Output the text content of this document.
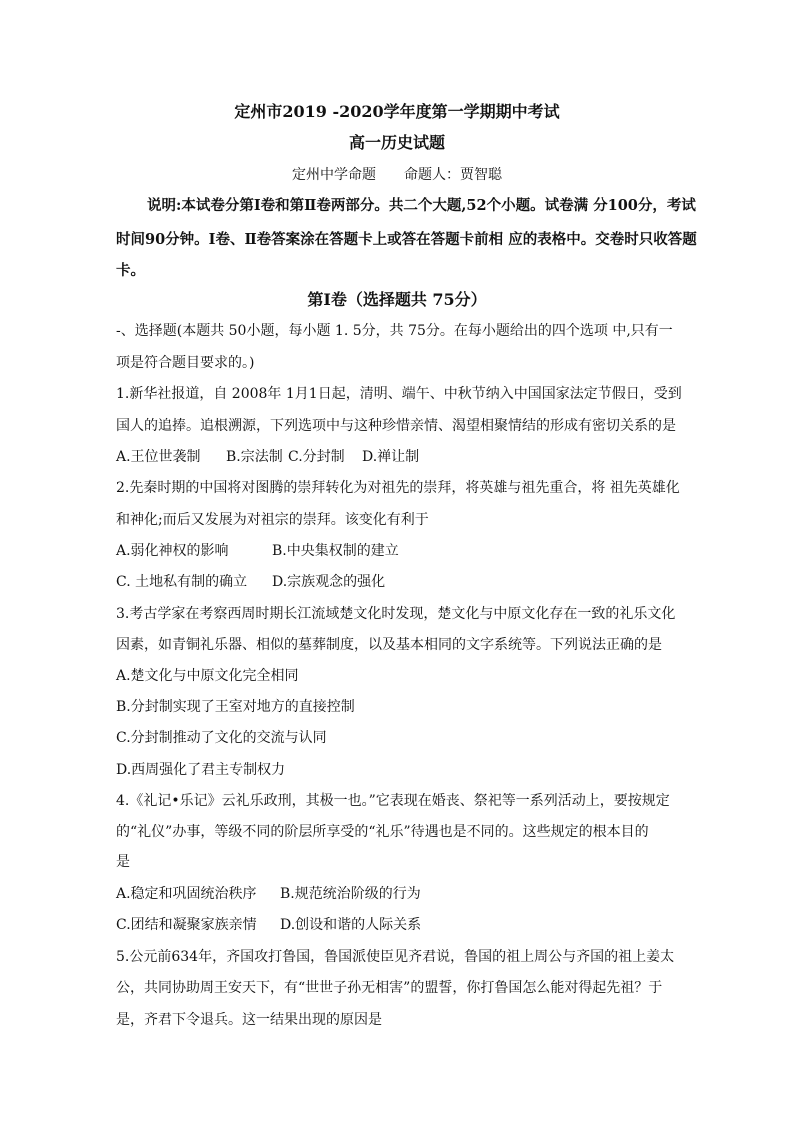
定州市2019 -2020学年度第一学期期中考试
高一历史试题
定州中学命题　　命题人：贾智聪
说明:本试卷分第Ⅰ卷和第Ⅱ卷两部分。共二个大题,52个小题。试卷满 分100分，考试
时间90分钟。Ⅰ卷、Ⅱ卷答案涂在答题卡上或答在答题卡前相 应的表格中。交卷时只收答题
卡。
第Ⅰ卷（选择题共 75分）
-、选择题(本题共 50小题，每小题 1. 5分，共 75分。在每小题给出的四个选项 中,只有一
项是符合题目要求的。)
1.新华社报道，自 2008年 1月1日起，清明、端午、中秋节纳入中国国家法定节假日，受到
国人的追捧。追根溯源，下列选项中与这种珍惜亲情、渴望相聚情结的形成有密切关系的是
A.王位世袭制 B.宗法制 C.分封制 D.禅让制
2.先秦时期的中国将对图腾的崇拜转化为对祖先的崇拜，将英雄与祖先重合，将 祖先英雄化
和神化;而后又发展为对祖宗的崇拜。该变化有利于
A.弱化神权的影响	B.中央集权制的建立
C. 土地私有制的确立 D.宗族观念的强化
3.考古学家在考察西周时期长江流域楚文化时发现，楚文化与中原文化存在一致的礼乐文化
因素，如青铜礼乐器、相似的墓葬制度，以及基本相同的文字系统等。下列说法正确的是
A.楚文化与中原文化完全相同
B.分封制实现了王室对地方的直接控制
C.分封制推动了文化的交流与认同
D.西周强化了君主专制权力
4.《礼记•乐记》云礼乐政刑，其极一也。”它表现在婚丧、祭祀等一系列活动上，要按规定
的“礼仪”办事，等级不同的阶层所享受的“礼乐”待遇也是不同的。这些规定的根本目的
是
A.稳定和巩固统治秩序 B.规范统治阶级的行为
C.团结和凝聚家族亲情 D.创设和谐的人际关系
5.公元前634年，齐国攻打鲁国，鲁国派使臣见齐君说，鲁国的祖上周公与齐国的祖上姜太
公，共同协助周王安天下，有“世世子孙无相害”的盟誓，你打鲁国怎么能对得起先祖？于
是，齐君下令退兵。这一结果出现的原因是
